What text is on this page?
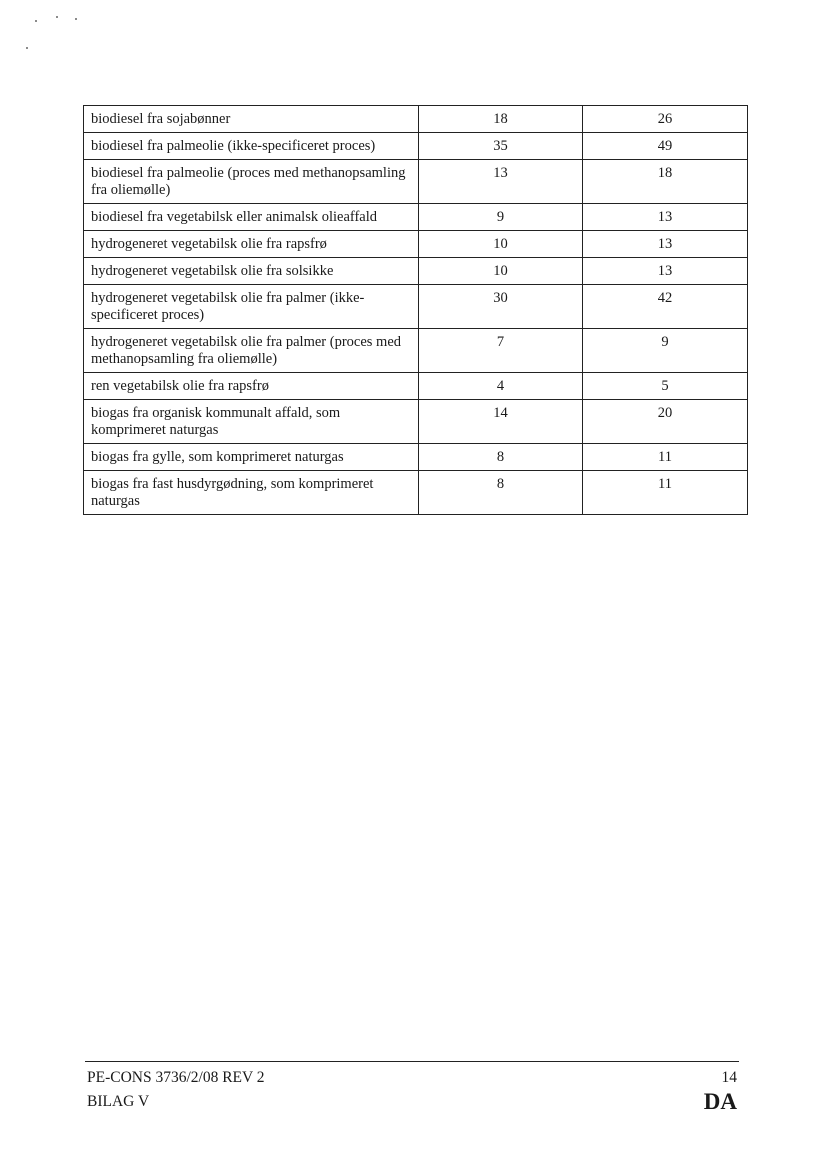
biodiesel fra sojabønner	18	26
biodiesel fra palmeolie (ikke-specificeret proces)	35	49
biodiesel fra palmeolie (proces med methanopsamling fra oliemølle)	13	18
biodiesel fra vegetabilsk eller animalsk olieaffald	9	13
hydrogeneret vegetabilsk olie fra rapsfrø	10	13
hydrogeneret vegetabilsk olie fra solsikke	10	13
hydrogeneret vegetabilsk olie fra palmer (ikke-specificeret proces)	30	42
hydrogeneret vegetabilsk olie fra palmer (proces med methanopsamling fra oliemølle)	7	9
ren vegetabilsk olie fra rapsfrø	4	5
biogas fra organisk kommunalt affald, som komprimeret naturgas	14	20
biogas fra gylle, som komprimeret naturgas	8	11
biogas fra fast husdyrgødning, som komprimeret naturgas	8	11
PE-CONS 3736/2/08 REV 2
BILAG V
14
DA
